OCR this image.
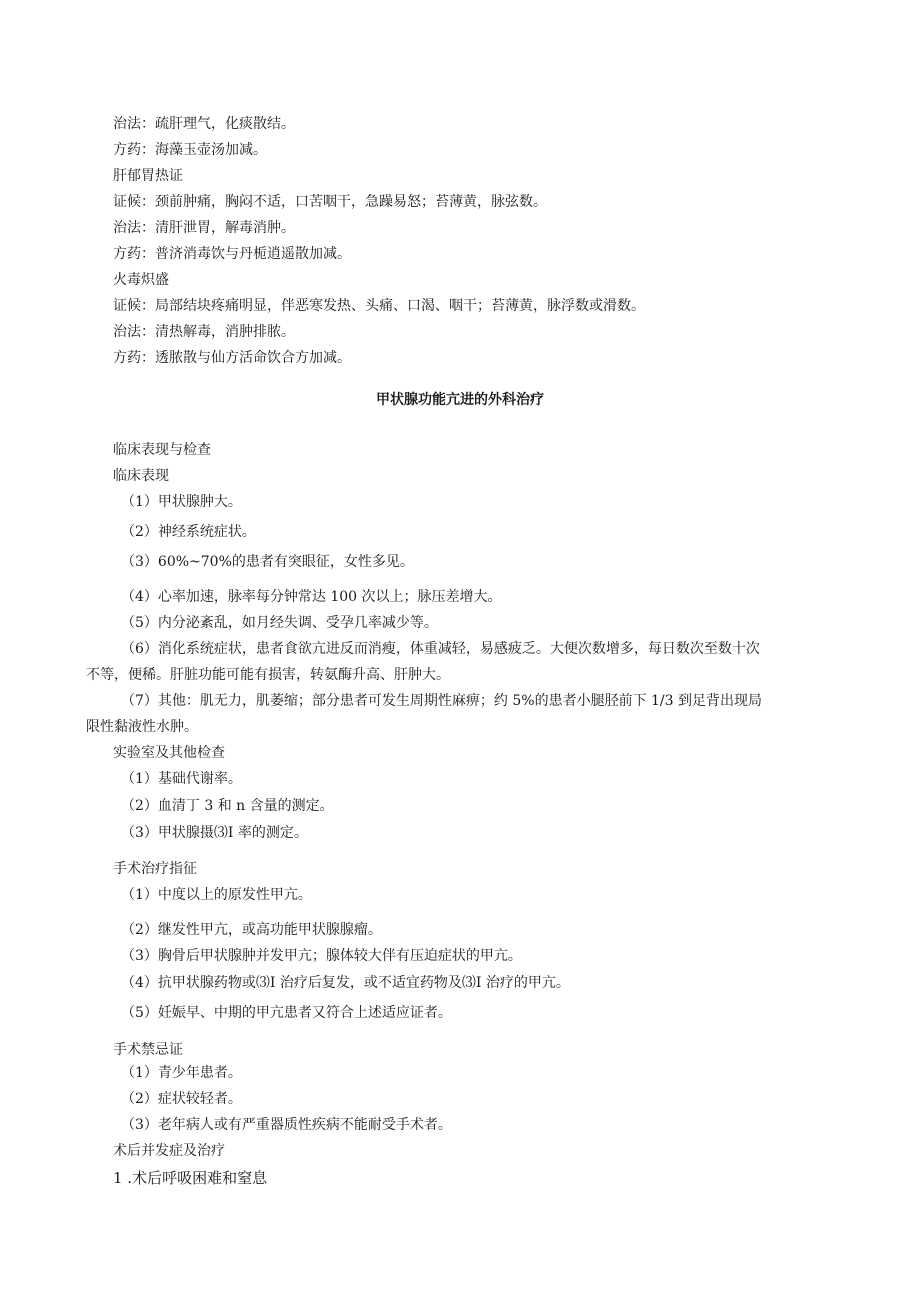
治法：疏肝理气，化痰散结。
方药：海藻玉壶汤加减。
肝郁胃热证
证候：颈前肿痛，胸闷不适，口苦咽干，急躁易怒；苔薄黄，脉弦数。
治法：清肝泄胃，解毒消肿。
方药：普济消毒饮与丹栀逍遥散加减。
火毒炽盛
证候：局部结块疼痛明显，伴恶寒发热、头痛、口渴、咽干；苔薄黄，脉浮数或滑数。
治法：清热解毒，消肿排脓。
方药：透脓散与仙方活命饮合方加减。
甲状腺功能亢进的外科治疗
临床表现与检查
临床表现
（1）甲状腺肿大。
（2）神经系统症状。
（3）60%~70%的患者有突眼征，女性多见。
（4）心率加速，脉率每分钟常达 100 次以上；脉压差增大。
（5）内分泌紊乱，如月经失调、受孕几率减少等。
（6）消化系统症状，患者食欲亢进反而消瘦，体重减轻，易感疲乏。大便次数增多，每日数次至数十次
不等，便稀。肝脏功能可能有损害，转氨酶升高、肝肿大。
（7）其他：肌无力，肌萎缩；部分患者可发生周期性麻痹；约 5%的患者小腿胫前下 1/3 到足背出现局
限性黏液性水肿。
实验室及其他检查
（1）基础代谢率。
（2）血清丁 3 和 n 含量的测定。
（3）甲状腺摄⑶I 率的测定。
手术治疗指征
（1）中度以上的原发性甲亢。
（2）继发性甲亢，或高功能甲状腺腺瘤。
（3）胸骨后甲状腺肿并发甲亢；腺体较大伴有压迫症状的甲亢。
（4）抗甲状腺药物或⑶I 治疗后复发，或不适宜药物及⑶I 治疗的甲亢。
（5）妊娠早、中期的甲亢患者又符合上述适应证者。
手术禁忌证
（1）青少年患者。
（2）症状较轻者。
（3）老年病人或有严重器质性疾病不能耐受手术者。
术后并发症及治疗
1 .术后呼吸困难和窒息
